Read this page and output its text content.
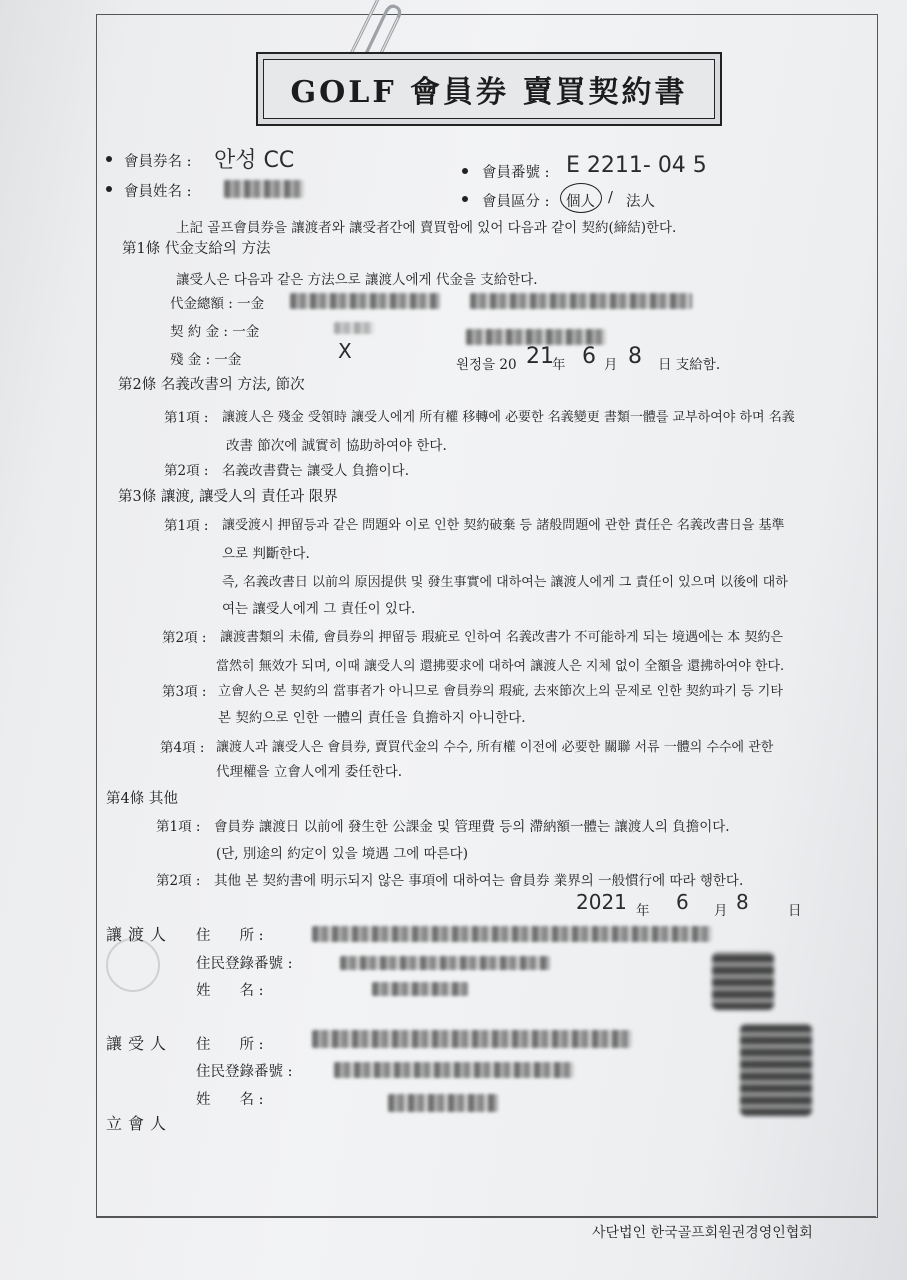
GOLF 會員券 賣買契約書
會員券名 : 안성 CC
會員姓名 :
會員番號 : E 2211- 04 5
會員區分 : 個人 / 法人
上記 골프會員券을 讓渡者와 讓受者간에 賣買함에 있어 다음과 같이 契約(締結)한다.
第1條 代金支給의 方法
讓受人은 다음과 같은 方法으로 讓渡人에게 代金을 支給한다.
代金總額 : 一金
契 約 金 : 一金
殘 金 : 一金	X
원정을 20 21
年 6 月 8 日 支給함.
第2條 名義改書의 方法, 節次
第1項 : 讓渡人은 殘金 受領時 讓受人에게 所有權 移轉에 必要한 名義變更 書類一體를 교부하여야 하며 名義
改書 節次에 誠實히 協助하여야 한다.
第2項 : 名義改書費는 讓受人 負擔이다.
第3條 讓渡, 讓受人의 責任과 限界
第1項 : 讓受渡시 押留등과 같은 問題와 이로 인한 契約破棄 등 諸般問題에 관한 責任은 名義改書日을 基準
으로 判斷한다.
즉, 名義改書日 以前의 原因提供 및 發生事實에 대하여는 讓渡人에게 그 責任이 있으며 以後에 대하
여는 讓受人에게 그 責任이 있다.
第2項 : 讓渡書類의 未備, 會員券의 押留등 瑕疵로 인하여 名義改書가 不可能하게 되는 境遇에는 本 契約은
當然히 無效가 되며, 이때 讓受人의 還拂要求에 대하여 讓渡人은 지체 없이 全額을 還拂하여야 한다.
第3項 : 立會人은 본 契約의 當事者가 아니므로 會員券의 瑕疵, 去來節次上의 문제로 인한 契約파기 등 기타
본 契約으로 인한 一體의 責任을 負擔하지 아니한다.
第4項 : 讓渡人과 讓受人은 會員券, 賣買代金의 수수, 所有權 이전에 必要한 關聯 서류 一體의 수수에 관한
代理權을 立會人에게 委任한다.
第4條 其他
第1項 : 會員券 讓渡日 以前에 發生한 公課金 및 管理費 등의 滯納額一體는 讓渡人의 負擔이다.
(단, 別途의 約定이 있을 境遇 그에 따른다)
第2項 : 其他 본 契約書에 明示되지 않은 事項에 대하여는 會員券 業界의 一般慣行에 따라 행한다.
2021 年 6 月 8	日
讓渡人 住　　所 :
住民登錄番號 :
姓　　名 :
讓受人 住　　所 :
住民登錄番號 :
姓　　名 :
立會人
사단법인 한국골프회원권경영인협회
